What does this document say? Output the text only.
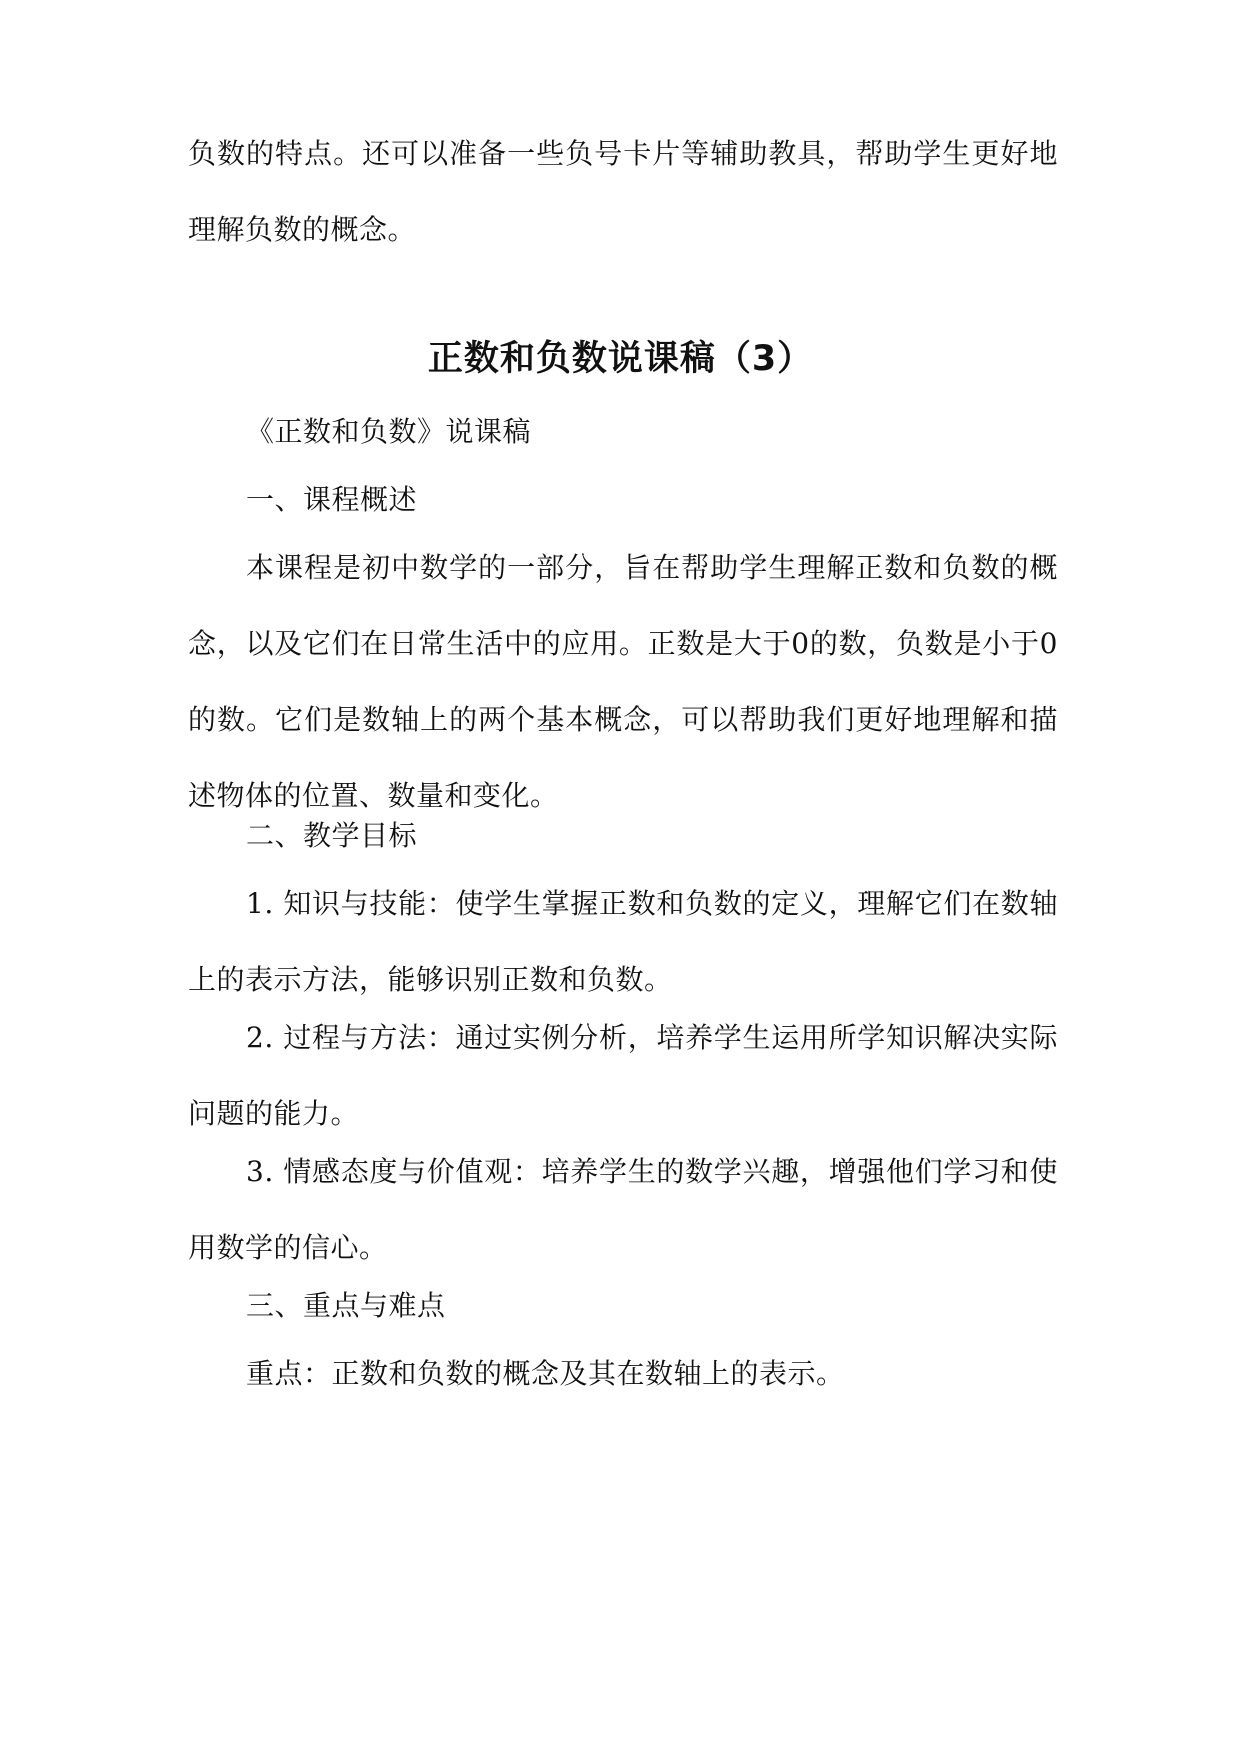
负数的特点。还可以准备一些负号卡片等辅助教具，帮助学生更好地理解负数的概念。

正数和负数说课稿（3）

《正数和负数》说课稿

一、课程概述

本课程是初中数学的一部分，旨在帮助学生理解正数和负数的概念，以及它们在日常生活中的应用。正数是大于0的数，负数是小于0的数。它们是数轴上的两个基本概念，可以帮助我们更好地理解和描述物体的位置、数量和变化。

二、教学目标

1. 知识与技能：使学生掌握正数和负数的定义，理解它们在数轴上的表示方法，能够识别正数和负数。

2. 过程与方法：通过实例分析，培养学生运用所学知识解决实际问题的能力。

3. 情感态度与价值观：培养学生的数学兴趣，增强他们学习和使用数学的信心。

三、重点与难点

重点：正数和负数的概念及其在数轴上的表示。
